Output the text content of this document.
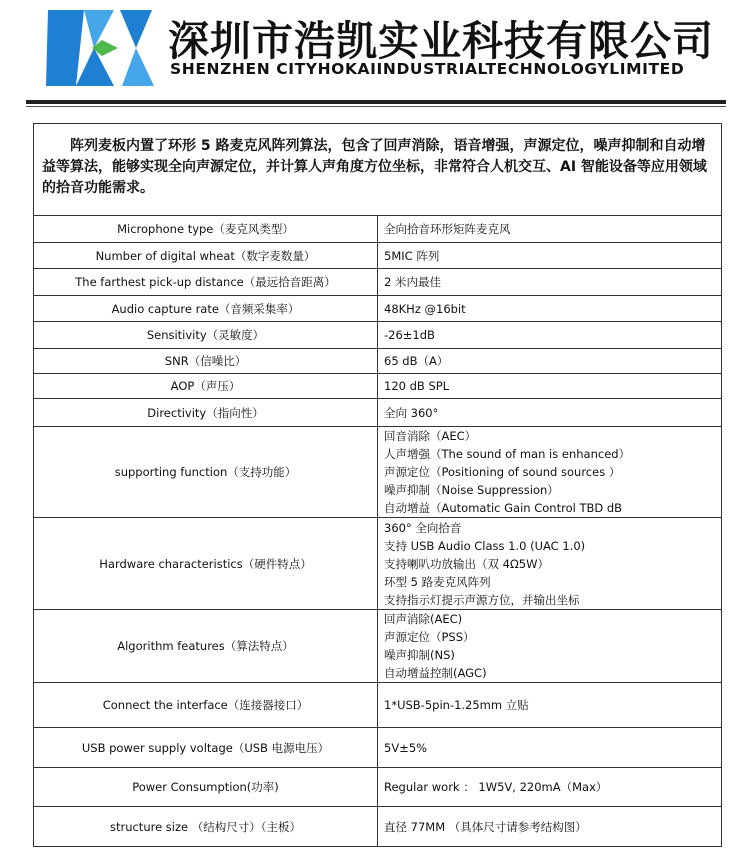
深圳市浩凯实业科技有限公司
SHENZHEN CITYHOKAIINDUSTRIALTECHNOLOGYLIMITED

阵列麦板内置了环形 5 路麦克风阵列算法，包含了回声消除，语音增强，声源定位，噪声抑制和自动增益等算法，能够实现全向声源定位，并计算人声角度方位坐标，非常符合人机交互、AI 智能设备等应用领域的拾音功能需求。

Microphone type（麦克风类型）	全向拾音环形矩阵麦克风

Number of digital wheat（数字麦数量）	5MIC 阵列

The farthest pick-up distance（最远拾音距离）	2 米内最佳

Audio capture rate（音频采集率）	48KHz @16bit

Sensitivity（灵敏度）	-26±1dB

SNR（信噪比）	65 dB（A）

AOP（声压）	120 dB SPL

Directivity（指向性）	全向 360°

supporting function（支持功能）	回音消除（AEC）
人声增强（The sound of man is enhanced）
声源定位（Positioning of sound sources ）
噪声抑制（Noise Suppression）
自动增益（Automatic Gain Control TBD dB

Hardware characteristics（硬件特点）	360° 全向拾音
支持 USB Audio Class 1.0 (UAC 1.0)
支持喇叭功放输出（双 4Ω5W）
环型 5 路麦克风阵列
支持指示灯提示声源方位，并输出坐标

Algorithm features（算法特点）	回声消除(AEC)
声源定位（PSS）
噪声抑制(NS)
自动增益控制(AGC)

Connect the interface（连接器接口）	1*USB-5pin-1.25mm 立贴

USB power supply voltage（USB 电源电压）	5V±5%

Power Consumption(功率)	Regular work ： 1W5V, 220mA（Max）

structure size （结构尺寸）（主板）	直径 77MM （具体尺寸请参考结构图）
